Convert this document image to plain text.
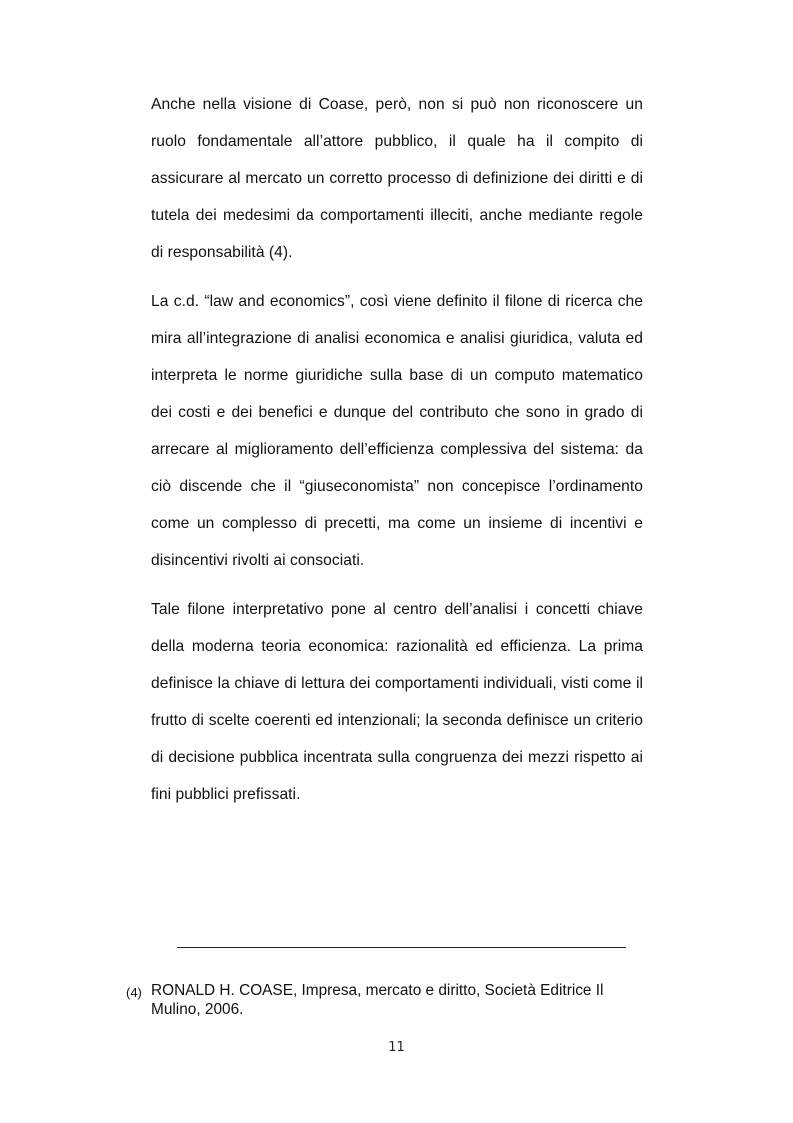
Anche nella visione di Coase, però, non si può non riconoscere un ruolo fondamentale all’attore pubblico, il quale ha il compito di assicurare al mercato un corretto processo di definizione dei diritti e di tutela dei medesimi da comportamenti illeciti, anche mediante regole di responsabilità (4).

La c.d. “law and economics”, così viene definito il filone di ricerca che mira all’integrazione di analisi economica e analisi giuridica, valuta ed interpreta le norme giuridiche sulla base di un computo matematico dei costi e dei benefici e dunque del contributo che sono in grado di arrecare al miglioramento dell’efficienza complessiva del sistema: da ciò discende che il “giuseconomista” non concepisce l’ordinamento come un complesso di precetti, ma come un insieme di incentivi e disincentivi rivolti ai consociati.

Tale filone interpretativo pone al centro dell’analisi i concetti chiave della moderna teoria economica: razionalità ed efficienza. La prima definisce la chiave di lettura dei comportamenti individuali, visti come il frutto di scelte coerenti ed intenzionali; la seconda definisce un criterio di decisione pubblica incentrata sulla congruenza dei mezzi rispetto ai fini pubblici prefissati.

(4) RONALD H. COASE, Impresa, mercato e diritto, Società Editrice Il Mulino, 2006.
11
